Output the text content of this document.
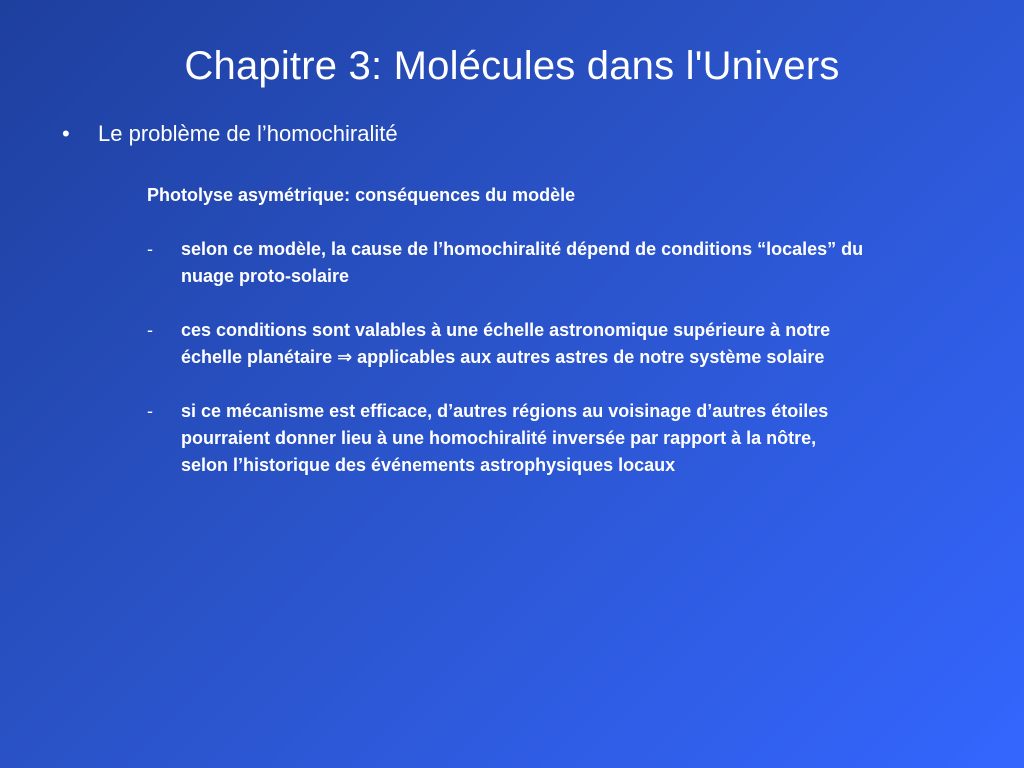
Chapitre 3: Molécules dans l'Univers
• Le problème de l’homochiralité

Photolyse asymétrique: conséquences du modèle

-	selon ce modèle, la cause de l’homochiralité dépend de conditions “locales” du nuage proto-solaire
-	ces conditions sont valables à une échelle astronomique supérieure à notre échelle planétaire ⇒ applicables aux autres astres de notre système solaire
-	si ce mécanisme est efficace, d’autres régions au voisinage d’autres étoiles pourraient donner lieu à une homochiralité inversée par rapport à la nôtre, selon l’historique des événements astrophysiques locaux
